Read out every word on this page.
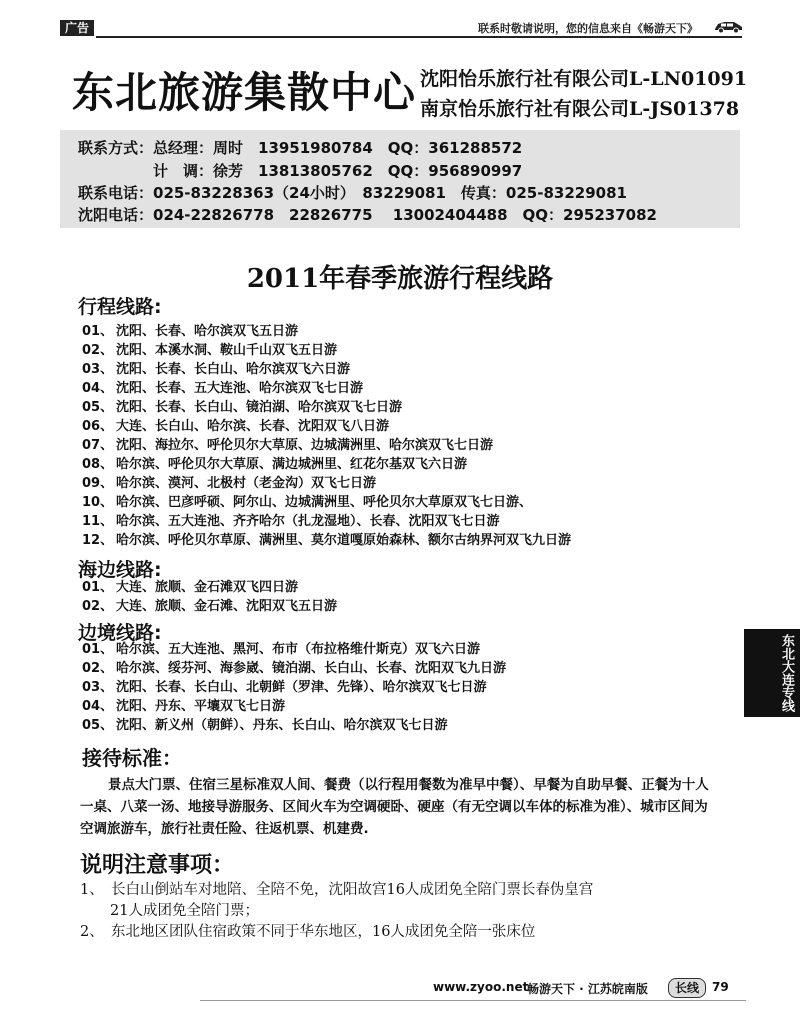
广告	联系时敬请说明，您的信息来自《畅游天下》
东北旅游集散中心 沈阳怡乐旅行社有限公司L-LN01091
南京怡乐旅行社有限公司L-JS01378
联系方式：总经理：周时　13951980784　QQ：361288572
　　　　　计　调：徐芳　13813805762　QQ：956890997
联系电话：025-83228363（24小时）　83229081　传真：025-83229081
沈阳电话：024-22826778　22826775　 13002404488　QQ：295237082
2011年春季旅游行程线路
行程线路:
01、 沈阳、长春、哈尔滨双飞五日游
02、 沈阳、本溪水洞、鞍山千山双飞五日游
03、 沈阳、长春、长白山、哈尔滨双飞六日游
04、 沈阳、长春、五大连池、哈尔滨双飞七日游
05、 沈阳、长春、长白山、镜泊湖、哈尔滨双飞七日游
06、 大连、长白山、哈尔滨、长春、沈阳双飞八日游
07、 沈阳、海拉尔、呼伦贝尔大草原、边城满洲里、哈尔滨双飞七日游
08、 哈尔滨、呼伦贝尔大草原、满边城洲里、红花尔基双飞六日游
09、 哈尔滨、漠河、北极村（老金沟）双飞七日游
10、 哈尔滨、巴彦呼硕、阿尔山、边城满洲里、呼伦贝尔大草原双飞七日游、
11、 哈尔滨、五大连池、齐齐哈尔（扎龙湿地）、长春、沈阳双飞七日游
12、 哈尔滨、呼伦贝尔草原、满洲里、莫尔道嘎原始森林、额尔古纳界河双飞九日游
海边线路:
01、 大连、旅顺、金石滩双飞四日游
02、 大连、旅顺、金石滩、沈阳双飞五日游
边境线路:
01、 哈尔滨、五大连池、黑河、布市（布拉格维什斯克）双飞六日游
02、 哈尔滨、绥芬河、海参崴、镜泊湖、长白山、长春、沈阳双飞九日游
03、 沈阳、长春、长白山、北朝鲜（罗津、先锋）、哈尔滨双飞七日游
04、 沈阳、丹东、平壤双飞七日游
05、 沈阳、新义州（朝鲜）、丹东、长白山、哈尔滨双飞七日游
东北大连专线
接待标准：
景点大门票、住宿三星标准双人间、餐费（以行程用餐数为准早中餐）、早餐为自助早餐、正餐为十人一桌、八菜一汤、地接导游服务、区间火车为空调硬卧、硬座（有无空调以车体的标准为准）、城市区间为空调旅游车，旅行社责任险、往返机票、机建费.
说明注意事项：
1、　长白山倒站车对地陪、全陪不免，沈阳故宫16人成团免全陪门票长春伪皇宫
21人成团免全陪门票；
2、　东北地区团队住宿政策不同于华东地区，16人成团免全陪一张床位
www.zyoo.net
畅游天下 · 江苏皖南版	长线	79
